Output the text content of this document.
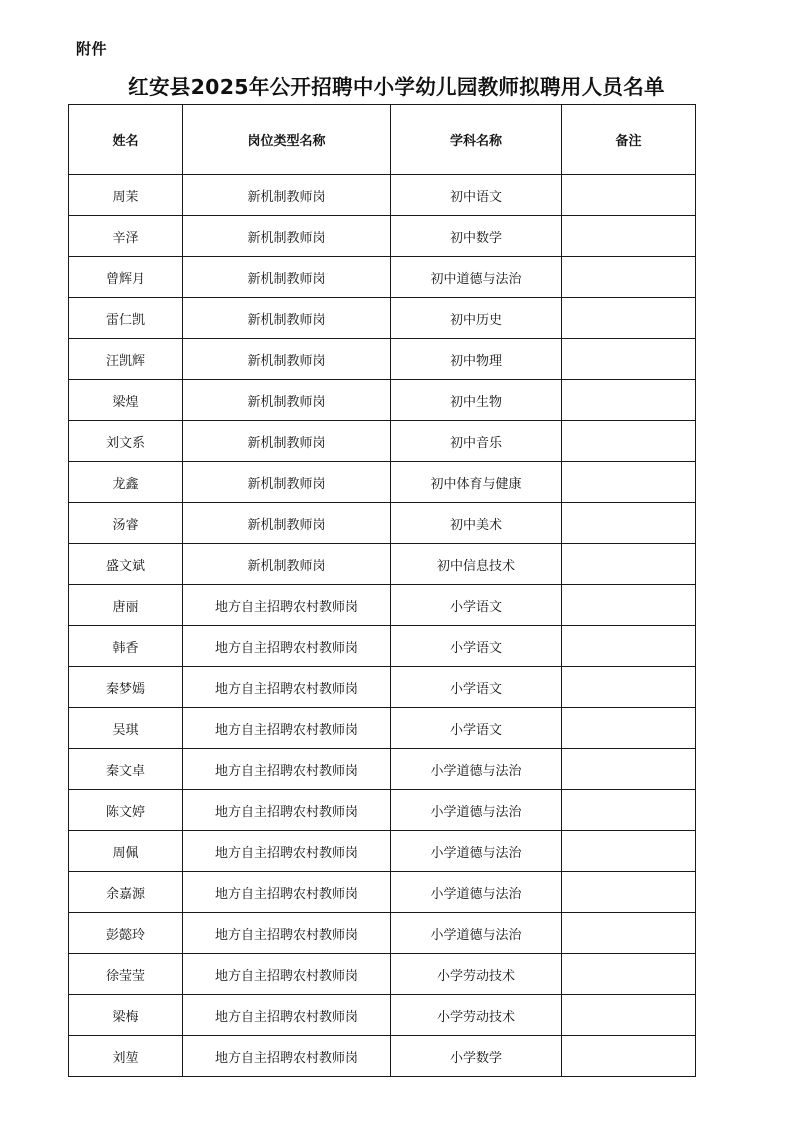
附件
红安县2025年公开招聘中小学幼儿园教师拟聘用人员名单
姓名	岗位类型名称	学科名称	备注
周茉	新机制教师岗	初中语文	
辛泽	新机制教师岗	初中数学	
曾辉月	新机制教师岗	初中道德与法治	
雷仁凯	新机制教师岗	初中历史	
汪凯辉	新机制教师岗	初中物理	
梁煌	新机制教师岗	初中生物	
刘文系	新机制教师岗	初中音乐	
龙鑫	新机制教师岗	初中体育与健康	
汤睿	新机制教师岗	初中美术	
盛文斌	新机制教师岗	初中信息技术	
唐丽	地方自主招聘农村教师岗	小学语文	
韩香	地方自主招聘农村教师岗	小学语文	
秦梦嫣	地方自主招聘农村教师岗	小学语文	
吴琪	地方自主招聘农村教师岗	小学语文	
秦文卓	地方自主招聘农村教师岗	小学道德与法治	
陈文婷	地方自主招聘农村教师岗	小学道德与法治	
周佩	地方自主招聘农村教师岗	小学道德与法治	
余嘉源	地方自主招聘农村教师岗	小学道德与法治	
彭懿玲	地方自主招聘农村教师岗	小学道德与法治	
徐莹莹	地方自主招聘农村教师岗	小学劳动技术	
梁梅	地方自主招聘农村教师岗	小学劳动技术	
刘堃	地方自主招聘农村教师岗	小学数学	
